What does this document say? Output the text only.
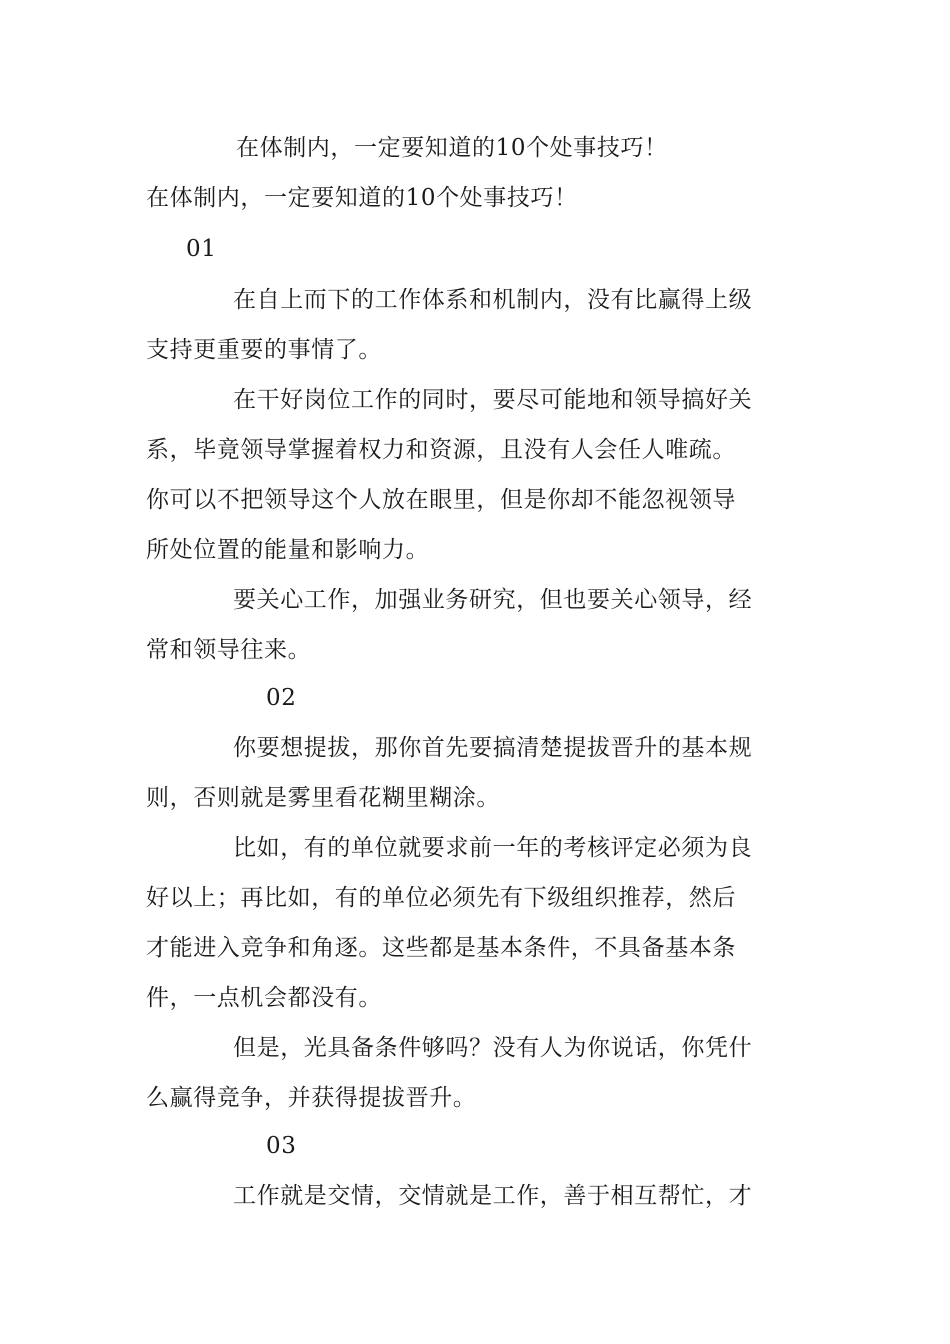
在体制内，一定要知道的10个处事技巧！
在体制内，一定要知道的10个处事技巧！
01
在自上而下的工作体系和机制内，没有比赢得上级
支持更重要的事情了。
在干好岗位工作的同时，要尽可能地和领导搞好关
系，毕竟领导掌握着权力和资源，且没有人会任人唯疏。
你可以不把领导这个人放在眼里，但是你却不能忽视领导
所处位置的能量和影响力。
要关心工作，加强业务研究，但也要关心领导，经
常和领导往来。
02
你要想提拔，那你首先要搞清楚提拔晋升的基本规
则，否则就是雾里看花糊里糊涂。
比如，有的单位就要求前一年的考核评定必须为良
好以上；再比如，有的单位必须先有下级组织推荐，然后
才能进入竞争和角逐。这些都是基本条件，不具备基本条
件，一点机会都没有。
但是，光具备条件够吗？没有人为你说话，你凭什
么赢得竞争，并获得提拔晋升。
03
工作就是交情，交情就是工作，善于相互帮忙，才
